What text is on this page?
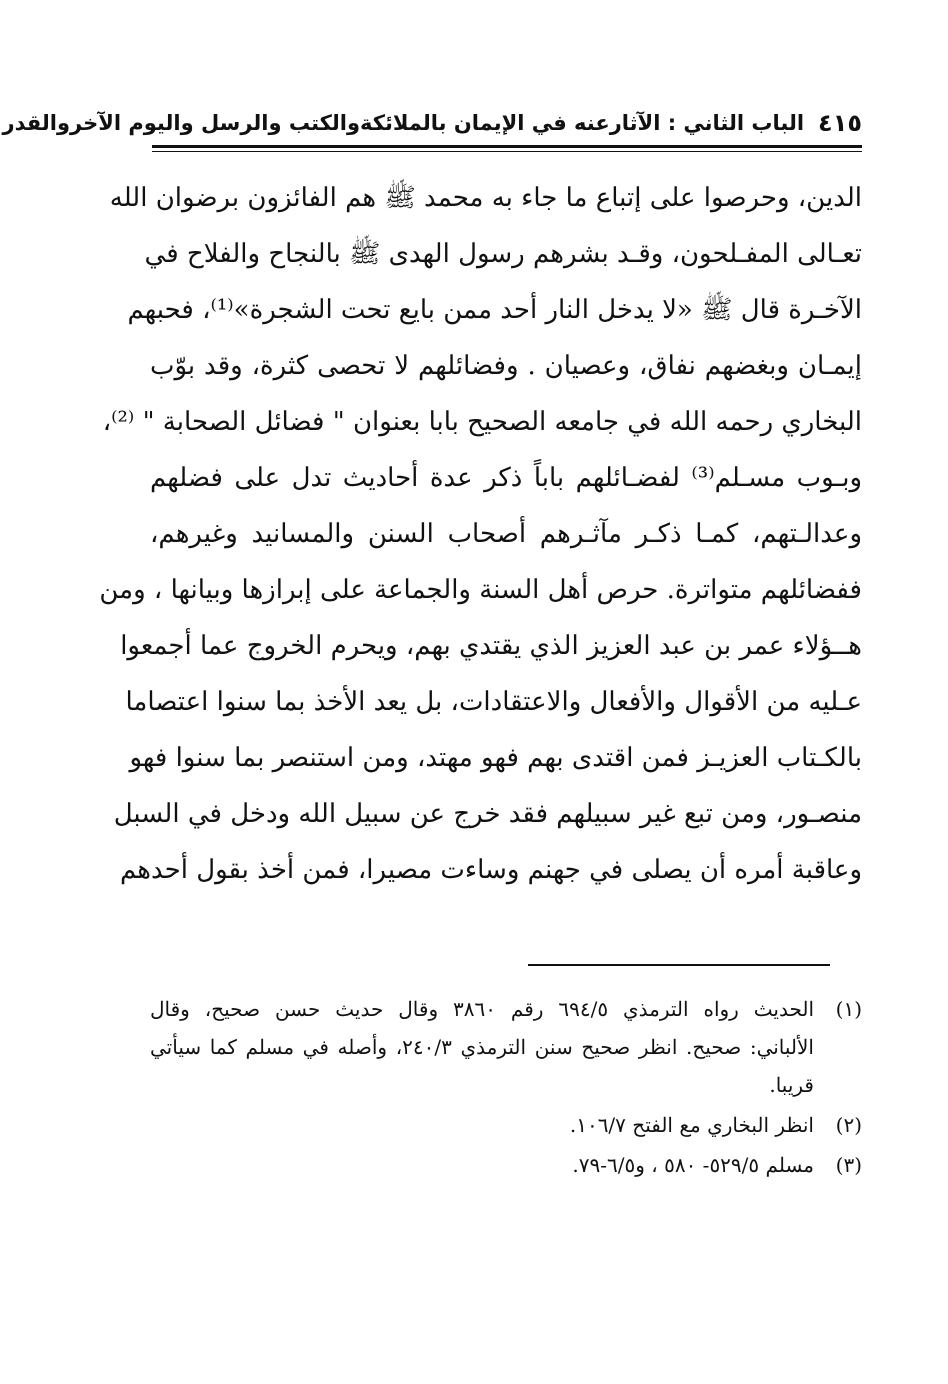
٤١٥
الباب الثاني : الآثارعنه في الإيمان بالملائكةوالكتب والرسل واليوم الآخروالقدر
الدين، وحرصوا على إتباع ما جاء به محمد ﷺ هم الفائزون برضوان الله
تعـالى المفـلحون، وقـد بشرهم رسول الهدى ﷺ بالنجاح والفلاح في
الآخـرة قال ﷺ «لا يدخل النار أحد ممن بايع تحت الشجرة»⁽¹⁾، فحبهم
إيمـان وبغضهم نفاق، وعصيان . وفضائلهم لا تحصى كثرة، وقد بوّب
البخاري رحمه الله في جامعه الصحيح بابا بعنوان " فضائل الصحابة " ⁽²⁾،
وبـوب مسـلم⁽³⁾ لفضـائلهم باباً ذكر عدة أحاديث تدل على فضلهم
وعدالـتهم، كمـا ذكـر مآثـرهم أصحاب السنن والمسانيد وغيرهم،
ففضائلهم متواترة. حرص أهل السنة والجماعة على إبرازها وبيانها ، ومن
هــؤلاء عمر بن عبد العزيز الذي يقتدي بهم، ويحرم الخروج عما أجمعوا
عـليه من الأقوال والأفعال والاعتقادات، بل يعد الأخذ بما سنوا اعتصاما
بالكـتاب العزيـز فمن اقتدى بهم فهو مهتد، ومن استنصر بما سنوا فهو
منصـور، ومن تبع غير سبيلهم فقد خرج عن سبيل الله ودخل في السبل
وعاقبة أمره أن يصلى في جهنم وساءت مصيرا، فمن أخذ بقول أحدهم
(١)
الحديث رواه الترمذي ٦٩٤/٥ رقم ٣٨٦٠ وقال حديث حسن صحيح، وقال
الألباني: صحيح. انظر صحيح سنن الترمذي ٢٤٠/٣، وأصله في مسلم كما سيأتي
قريبا.
(٢)
انظر البخاري مع الفتح ١٠٦/٧.
(٣)
مسلم ٥٢٩/٥- ٥٨٠ ، و٦/٥-٧٩.
